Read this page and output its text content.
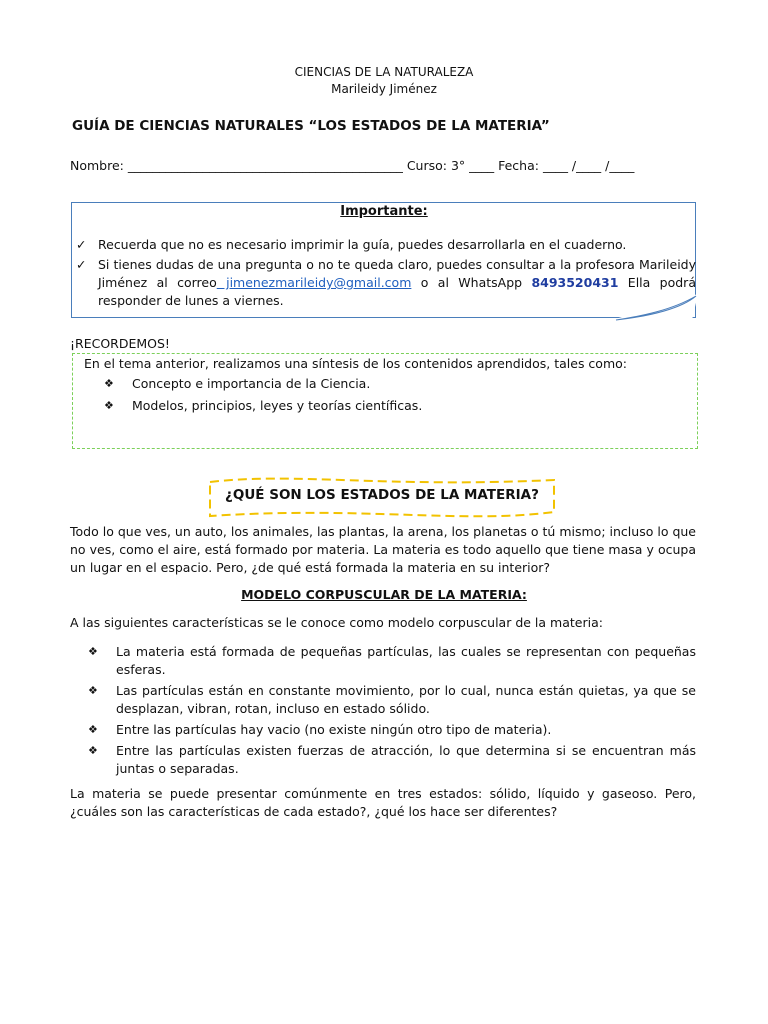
CIENCIAS DE LA NATURALEZA
Marileidy Jiménez
GUÍA DE CIENCIAS NATURALES “LOS ESTADOS DE LA MATERIA”
Nombre: ____________________________________________ Curso: 3° ____ Fecha: ____ /____ /____
Importante:
✓ Recuerda que no es necesario imprimir la guía, puedes desarrollarla en el cuaderno.
✓ Si tienes dudas de una pregunta o no te queda claro, puedes consultar a la profesora Marileidy Jiménez al correo jimenezmarileidy@gmail.com o al WhatsApp 8493520431 Ella podrá responder de lunes a viernes.
¡RECORDEMOS!
En el tema anterior, realizamos una síntesis de los contenidos aprendidos, tales como:
❖ Concepto e importancia de la Ciencia.
❖ Modelos, principios, leyes y teorías científicas.
¿QUÉ SON LOS ESTADOS DE LA MATERIA?
Todo lo que ves, un auto, los animales, las plantas, la arena, los planetas o tú mismo; incluso lo que no ves, como el aire, está formado por materia. La materia es todo aquello que tiene masa y ocupa un lugar en el espacio. Pero, ¿de qué está formada la materia en su interior?
MODELO CORPUSCULAR DE LA MATERIA:
A las siguientes características se le conoce como modelo corpuscular de la materia:
❖ La materia está formada de pequeñas partículas, las cuales se representan con pequeñas esferas.
❖ Las partículas están en constante movimiento, por lo cual, nunca están quietas, ya que se desplazan, vibran, rotan, incluso en estado sólido.
❖ Entre las partículas hay vacio (no existe ningún otro tipo de materia).
❖ Entre las partículas existen fuerzas de atracción, lo que determina si se encuentran más juntas o separadas.
La materia se puede presentar comúnmente en tres estados: sólido, líquido y gaseoso. Pero, ¿cuáles son las características de cada estado?, ¿qué los hace ser diferentes?
